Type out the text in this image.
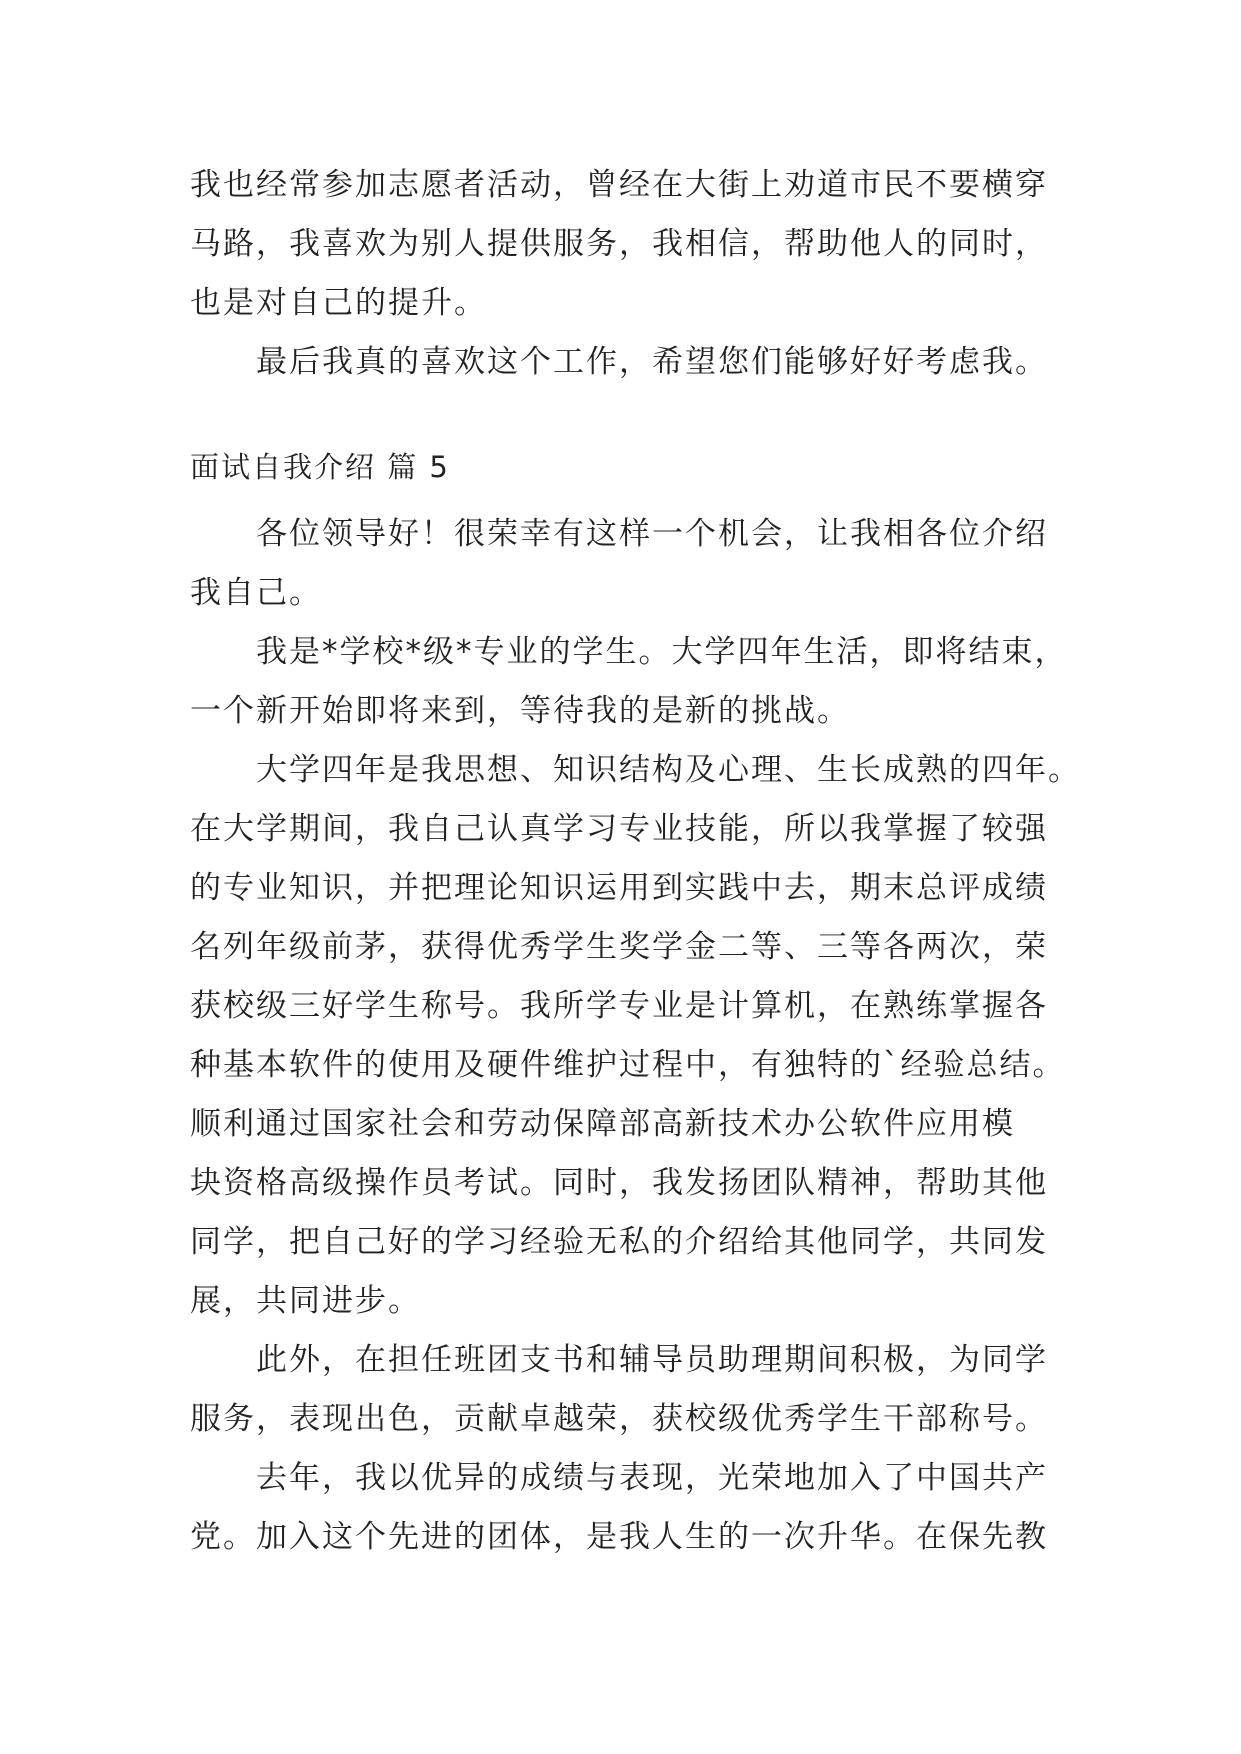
我也经常参加志愿者活动，曾经在大街上劝道市民不要横穿
马路，我喜欢为别人提供服务，我相信，帮助他人的同时，
也是对自己的提升。
最后我真的喜欢这个工作，希望您们能够好好考虑我。
面试自我介绍 篇 5
各位领导好！很荣幸有这样一个机会，让我相各位介绍
我自己。
我是*学校*级*专业的学生。大学四年生活，即将结束，
一个新开始即将来到，等待我的是新的挑战。
大学四年是我思想、知识结构及心理、生长成熟的四年。
在大学期间，我自己认真学习专业技能，所以我掌握了较强
的专业知识，并把理论知识运用到实践中去，期末总评成绩
名列年级前茅，获得优秀学生奖学金二等、三等各两次，荣
获校级三好学生称号。我所学专业是计算机，在熟练掌握各
种基本软件的使用及硬件维护过程中，有独特的`经验总结。
顺利通过国家社会和劳动保障部高新技术办公软件应用模
块资格高级操作员考试。同时，我发扬团队精神，帮助其他
同学，把自己好的学习经验无私的介绍给其他同学，共同发
展，共同进步。
此外，在担任班团支书和辅导员助理期间积极，为同学
服务，表现出色，贡献卓越荣，获校级优秀学生干部称号。
去年，我以优异的成绩与表现，光荣地加入了中国共产
党。加入这个先进的团体，是我人生的一次升华。在保先教
